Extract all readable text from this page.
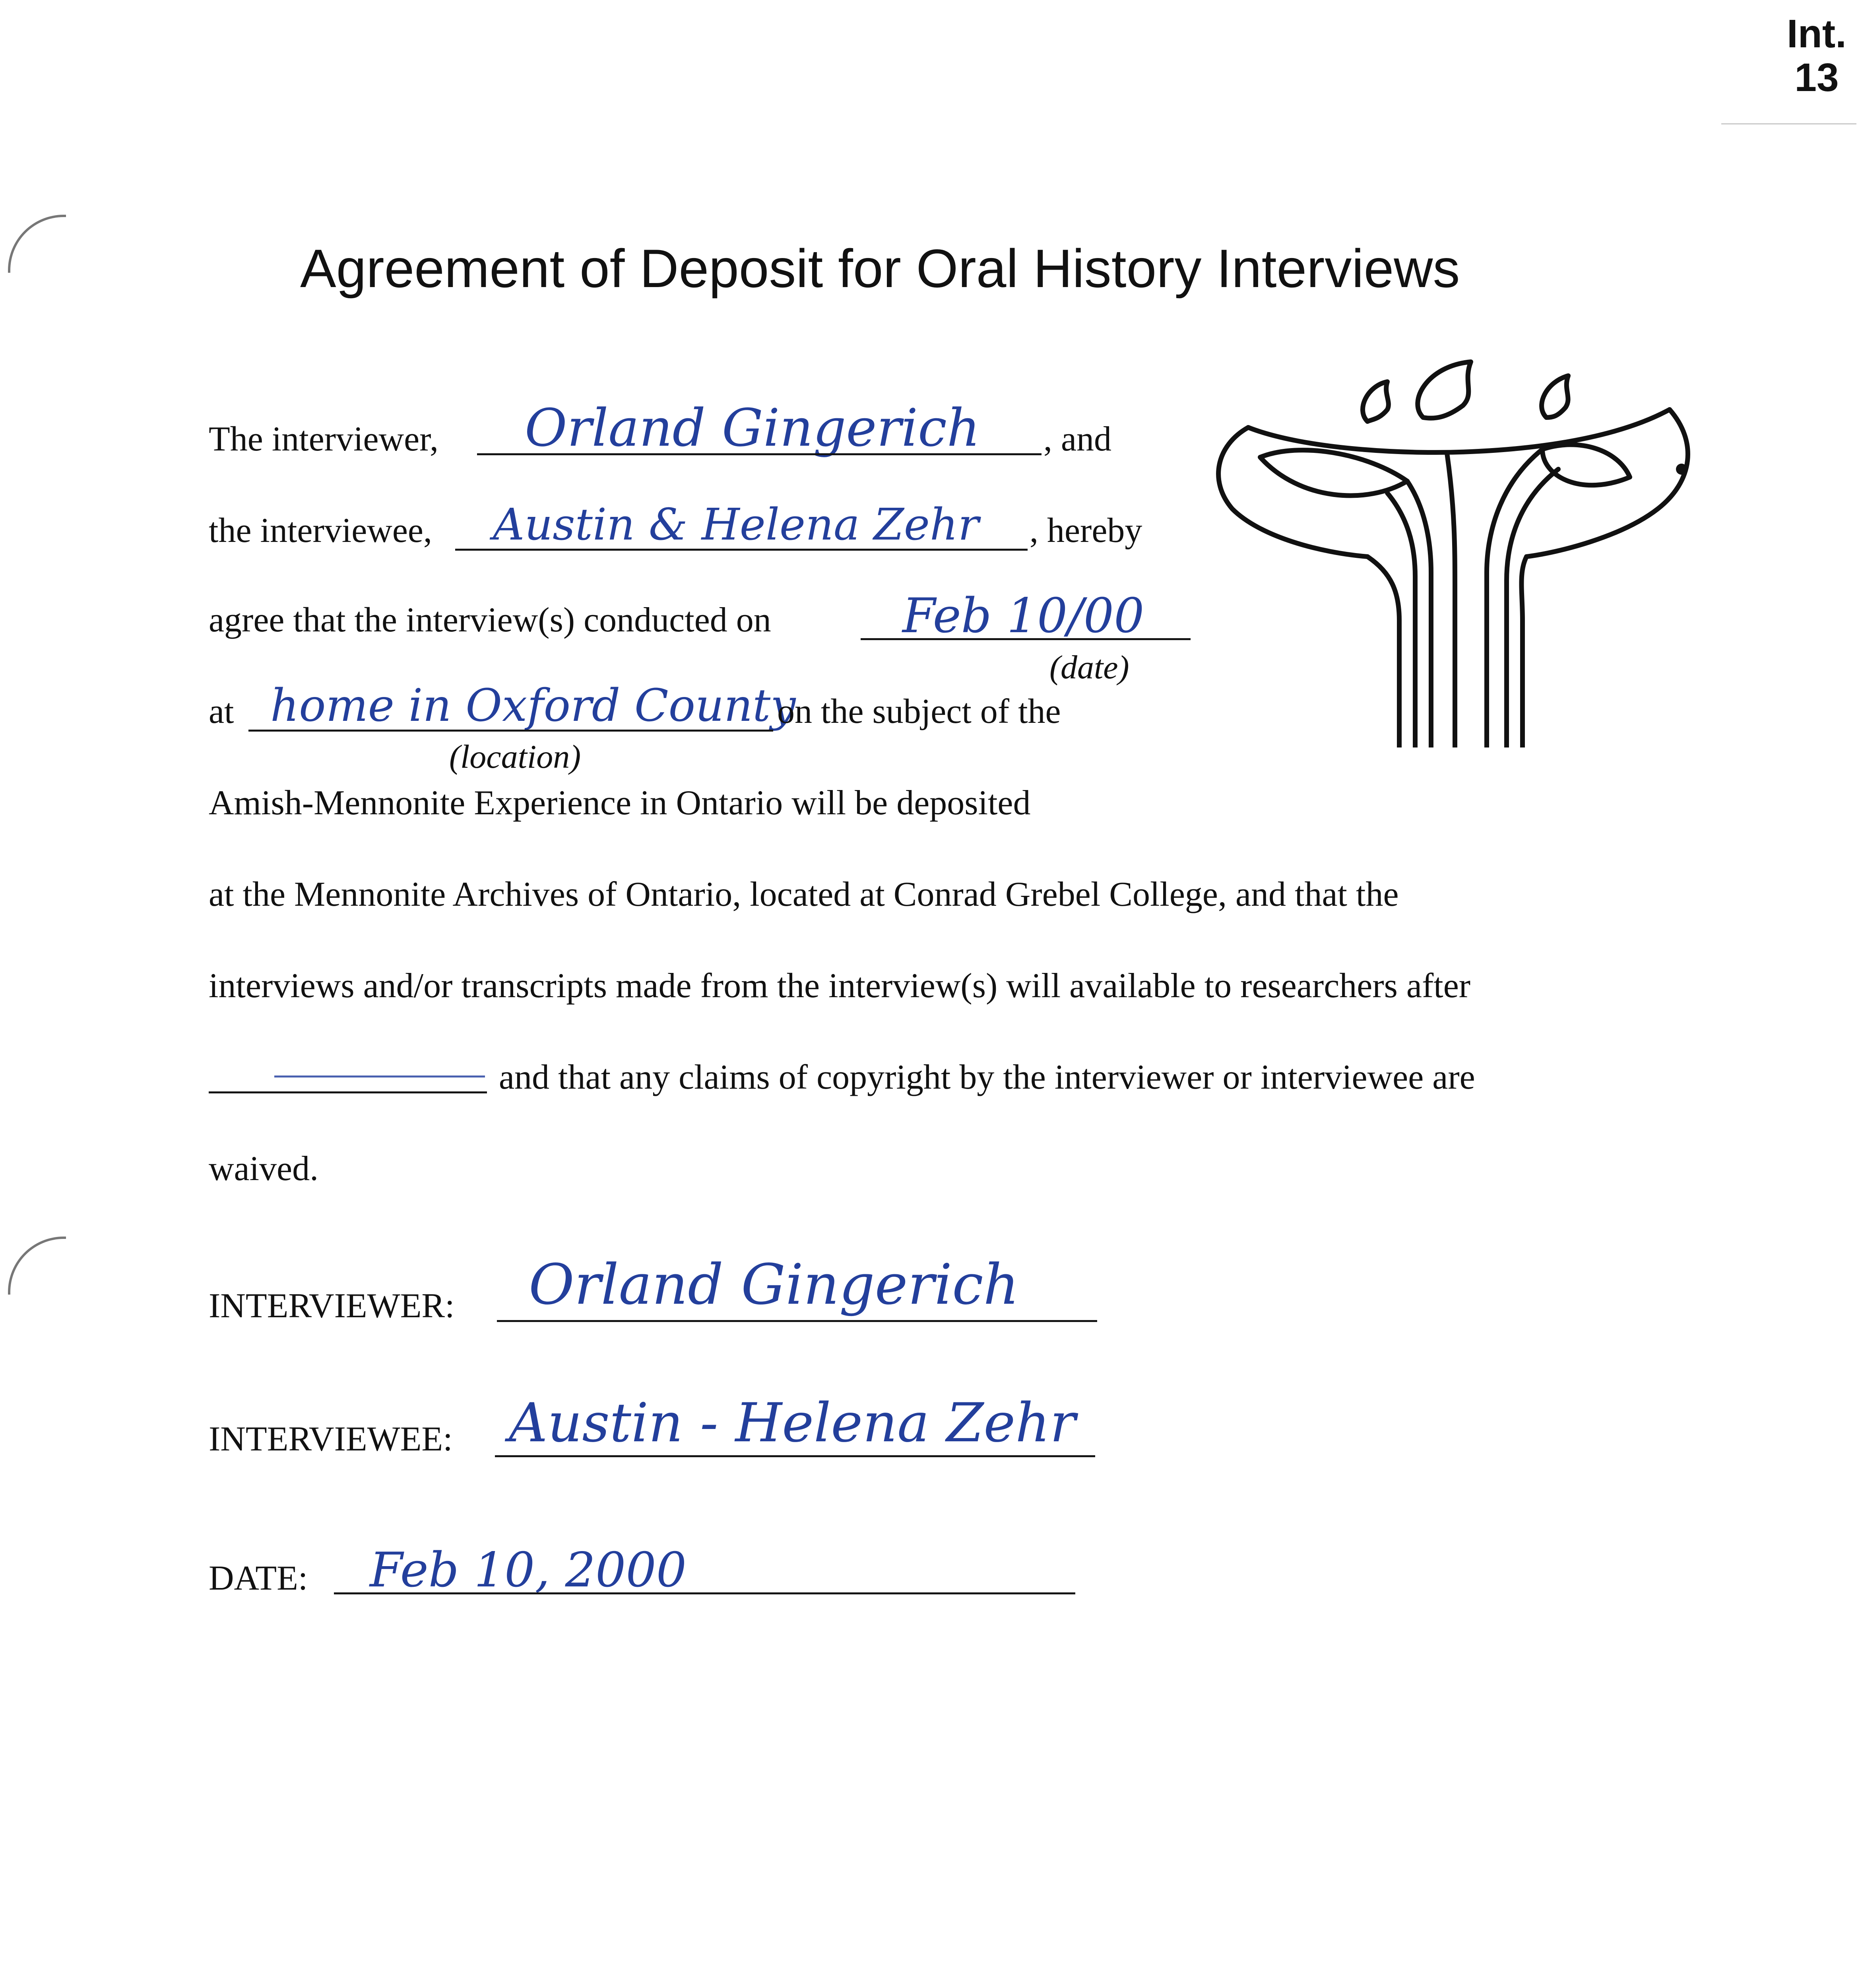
Int.
13
Agreement of Deposit for Oral History Interviews
The interviewer, Orland Gingerich , and
the interviewee, Austin & Helena Zehr , hereby
agree that the interview(s) conducted on	Feb 10/00
(date)
at home in Oxford County
on the subject of the
(location)
Amish-Mennonite Experience in Ontario will be deposited
at the Mennonite Archives of Ontario, located at Conrad Grebel College, and that the
interviews and/or transcripts made from the interview(s) will available to researchers after
and that any claims of copyright by the interviewer or interviewee are
waived.
INTERVIEWER: Orland Gingerich
INTERVIEWEE: Austin - Helena Zehr
DATE: Feb 10, 2000
